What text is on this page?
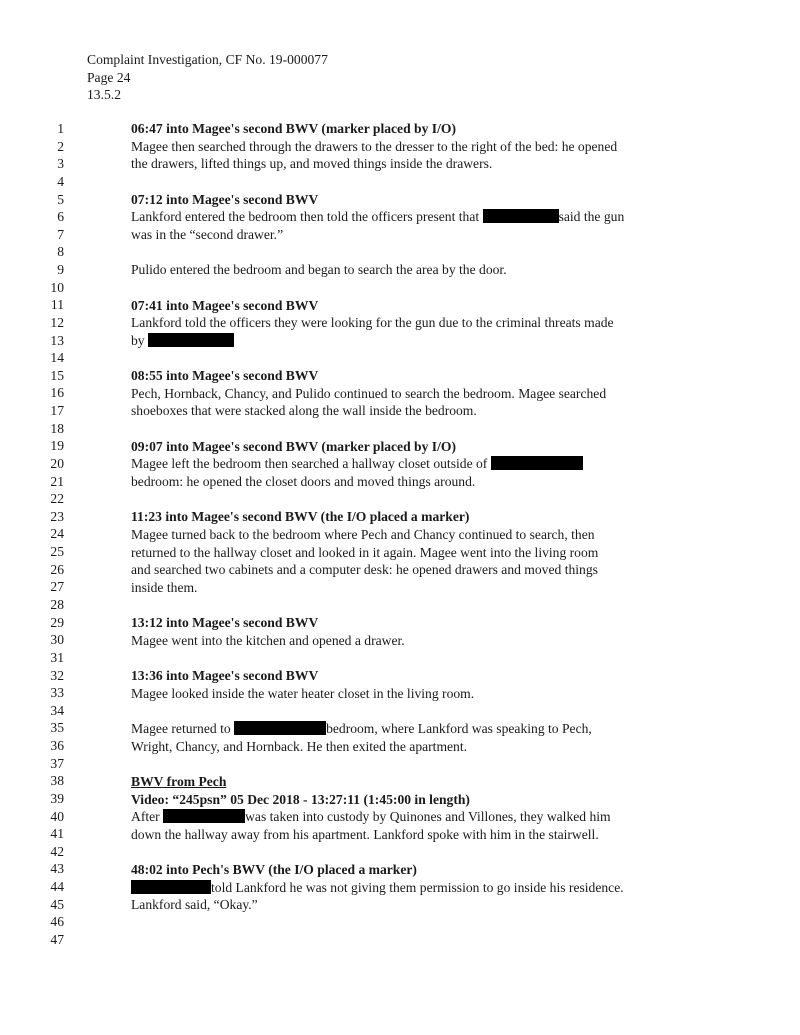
Complaint Investigation, CF No. 19-000077
Page 24
13.5.2
1
2
3
4
5
6
7
8
9
10
11
12
13
14
15
16
17
18
19
20
21
22
23
24
25
26
27
28
29
30
31
32
33
34
35
36
37
38
39
40
41
42
43
44
45
46
47
06:47 into Magee's second BWV (marker placed by I/O)
Magee then searched through the drawers to the dresser to the right of the bed: he opened
the drawers, lifted things up, and moved things inside the drawers.
07:12 into Magee's second BWV
Lankford entered the bedroom then told the officers present that	said the gun
was in the “second drawer.”
Pulido entered the bedroom and began to search the area by the door.
07:41 into Magee's second BWV
Lankford told the officers they were looking for the gun due to the criminal threats made
by
08:55 into Magee's second BWV
Pech, Hornback, Chancy, and Pulido continued to search the bedroom. Magee searched
shoeboxes that were stacked along the wall inside the bedroom.
09:07 into Magee's second BWV (marker placed by I/O)
Magee left the bedroom then searched a hallway closet outside of
bedroom: he opened the closet doors and moved things around.
11:23 into Magee's second BWV (the I/O placed a marker)
Magee turned back to the bedroom where Pech and Chancy continued to search, then
returned to the hallway closet and looked in it again. Magee went into the living room
and searched two cabinets and a computer desk: he opened drawers and moved things
inside them.
13:12 into Magee's second BWV
Magee went into the kitchen and opened a drawer.
13:36 into Magee's second BWV
Magee looked inside the water heater closet in the living room.
Magee returned to	bedroom, where Lankford was speaking to Pech,
Wright, Chancy, and Hornback. He then exited the apartment.
BWV from Pech
Video: “245psn” 05 Dec 2018 - 13:27:11 (1:45:00 in length)
After	was taken into custody by Quinones and Villones, they walked him
down the hallway away from his apartment. Lankford spoke with him in the stairwell.
48:02 into Pech's BWV (the I/O placed a marker)
told Lankford he was not giving them permission to go inside his residence.
Lankford said, “Okay.”
